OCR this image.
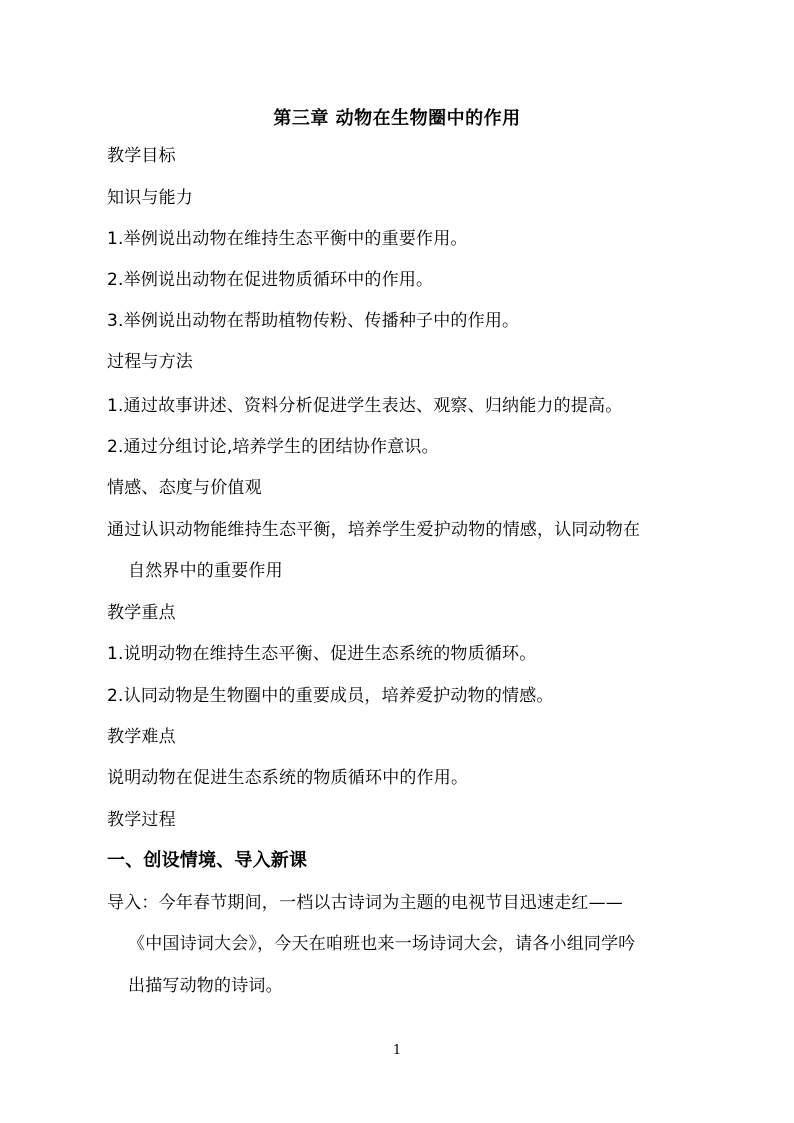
第三章 动物在生物圈中的作用
教学目标
知识与能力
1.举例说出动物在维持生态平衡中的重要作用。
2.举例说出动物在促进物质循环中的作用。
3.举例说出动物在帮助植物传粉、传播种子中的作用。
过程与方法
1.通过故事讲述、资料分析促进学生表达、观察、归纳能力的提高。
2.通过分组讨论,培养学生的团结协作意识。
情感、态度与价值观
通过认识动物能维持生态平衡，培养学生爱护动物的情感，认同动物在
自然界中的重要作用
教学重点
1.说明动物在维持生态平衡、促进生态系统的物质循环。
2.认同动物是生物圈中的重要成员，培养爱护动物的情感。
教学难点
说明动物在促进生态系统的物质循环中的作用。
教学过程
一、创设情境、导入新课
导入：今年春节期间，一档以古诗词为主题的电视节目迅速走红——
《中国诗词大会》，今天在咱班也来一场诗词大会，请各小组同学吟
出描写动物的诗词。
1
